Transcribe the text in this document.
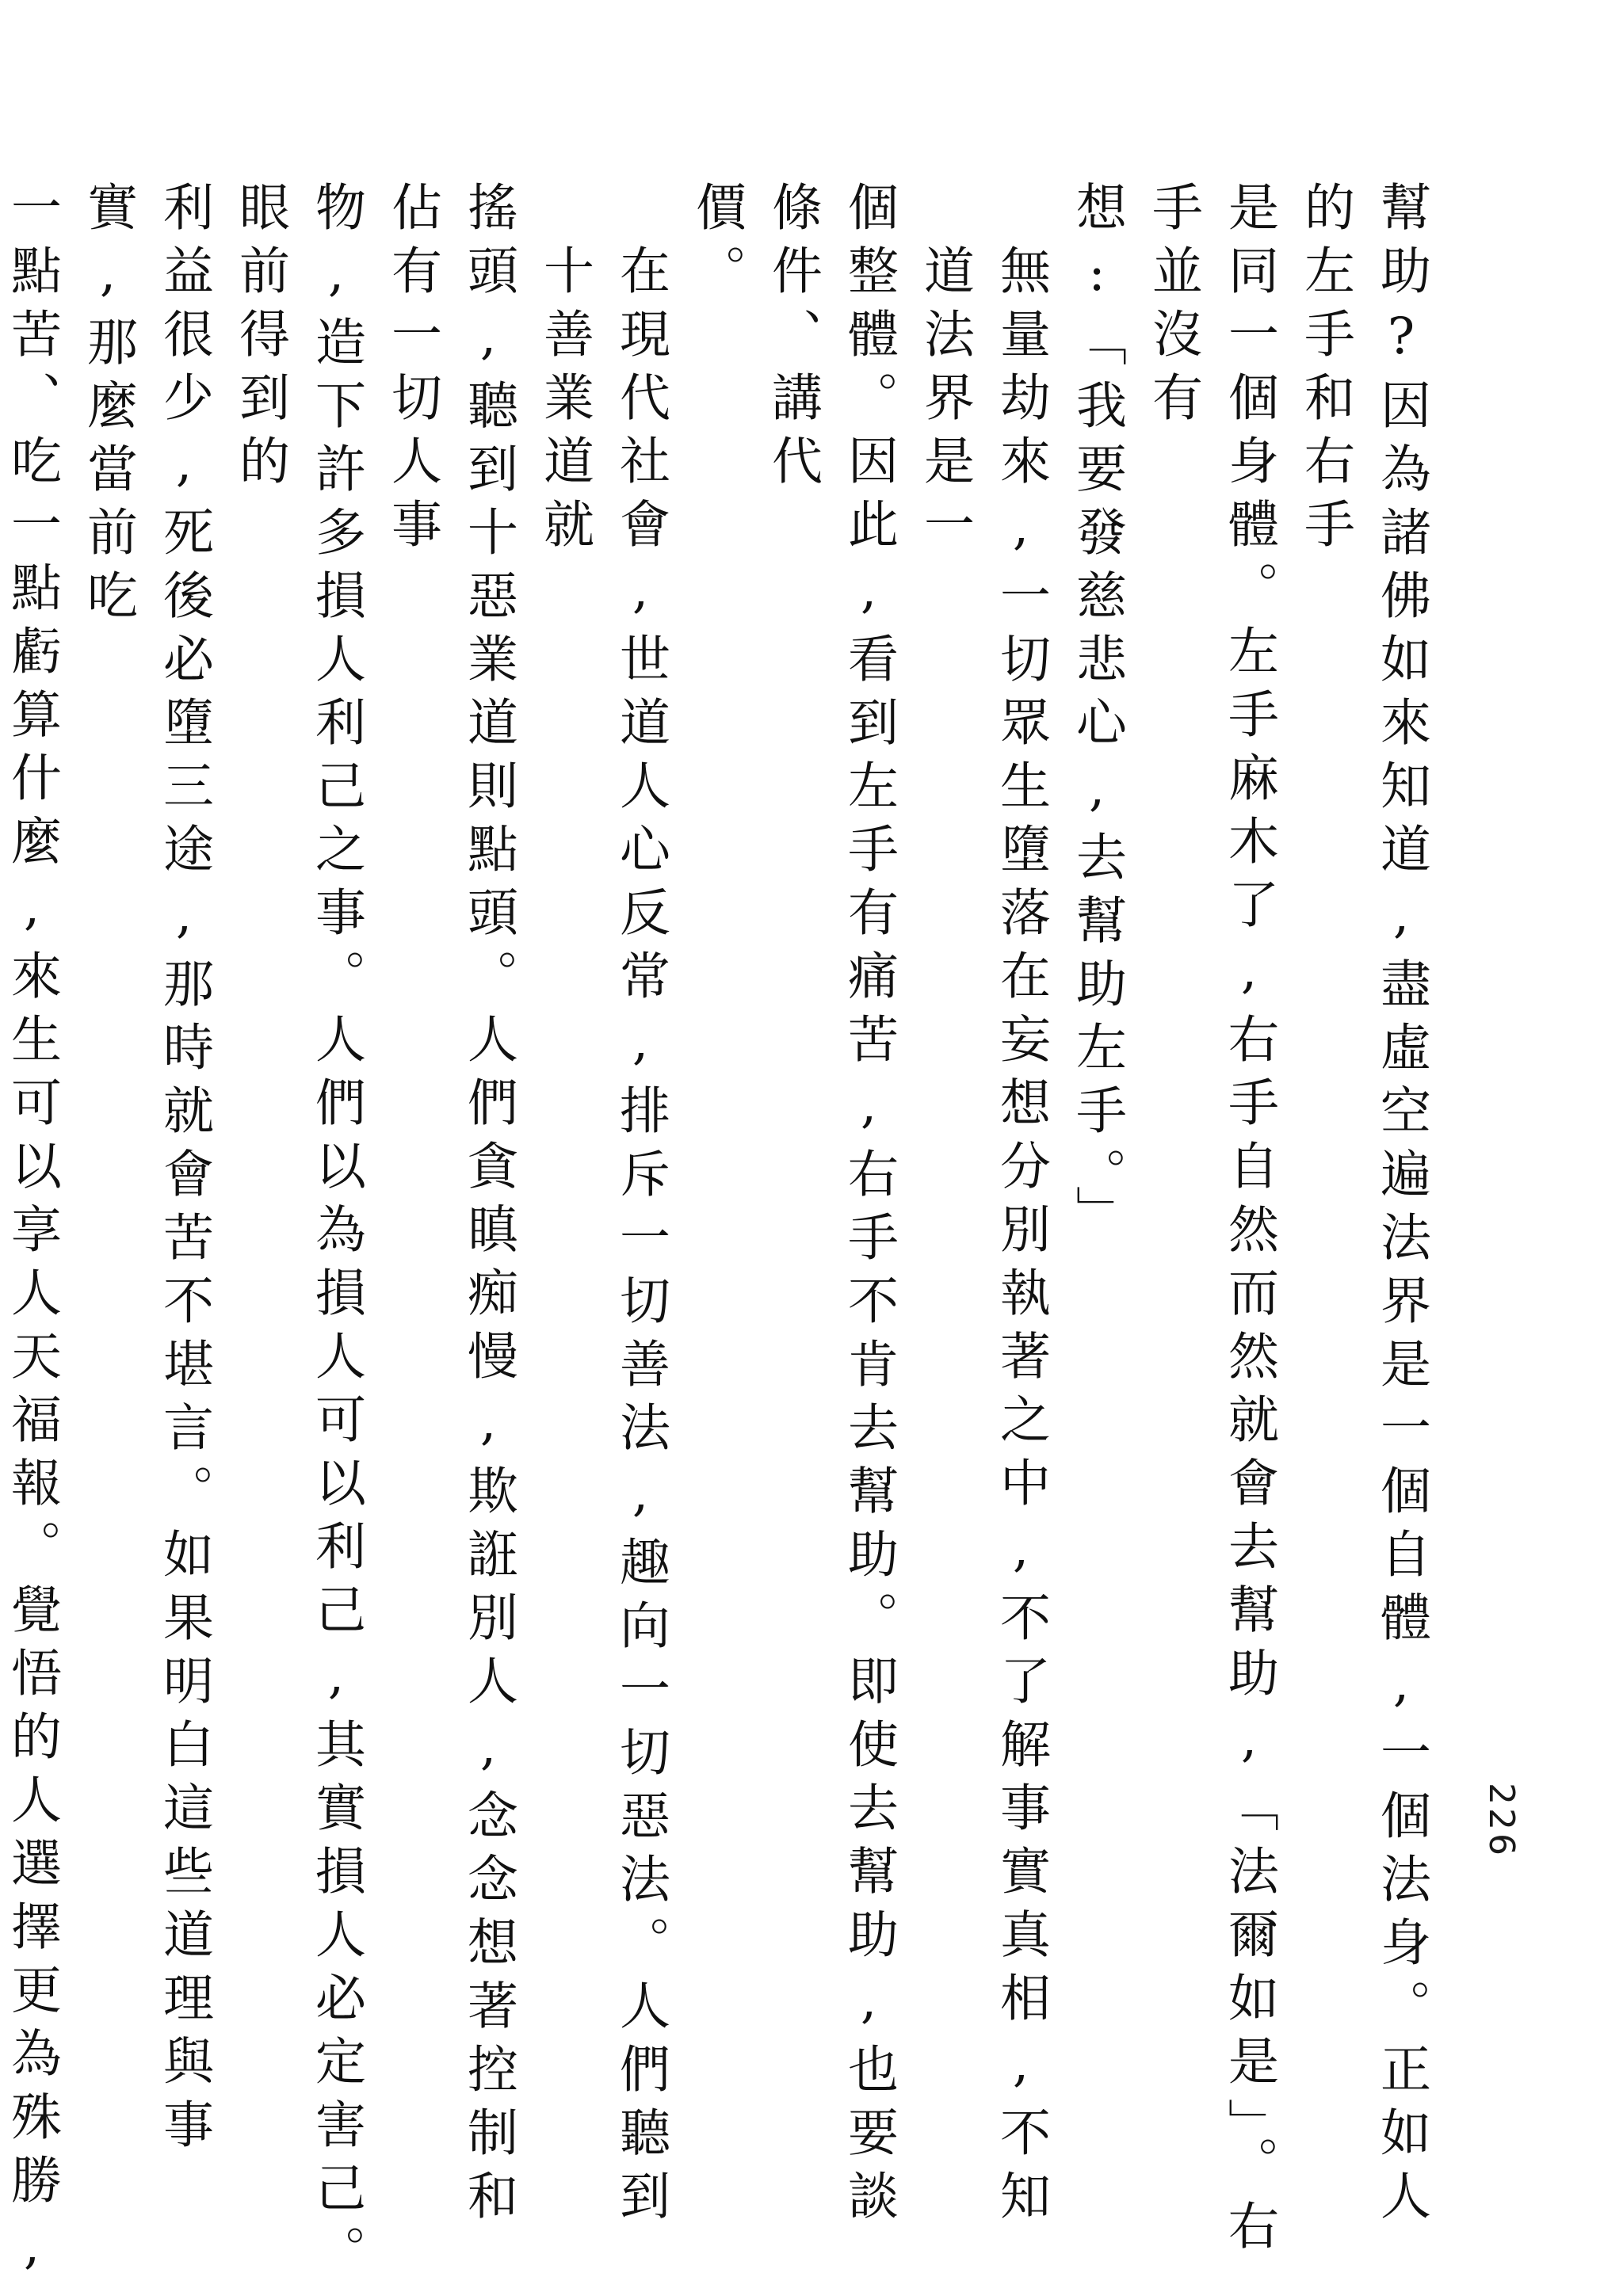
226
幫助?因為諸佛如來知道,盡虛空遍法界是一個自體,一個法身。正如人的左手和右手
是同一個身體。左手麻木了,右手自然而然就會去幫助,「法爾如是」。右手並沒有
想:「我要發慈悲心,去幫助左手。」
無量劫來,一切眾生墮落在妄想分別執著之中,不了解事實真相,不知道法界是一
個整體。因此,看到左手有痛苦,右手不肯去幫助。即使去幫助,也要談條件、講代
價。
在現代社會,世道人心反常,排斥一切善法,趣向一切惡法。人們聽到十善業道就
搖頭,聽到十惡業道則點頭。人們貪瞋痴慢,欺誑別人,念念想著控制和佔有一切人事
物,造下許多損人利己之事。人們以為損人可以利己,其實損人必定害己。眼前得到的
利益很少,死後必墮三途,那時就會苦不堪言。如果明白這些道理與事實,那麼當前吃
一點苦、吃一點虧算什麼,來生可以享人天福報。覺悟的人選擇更為殊勝,
